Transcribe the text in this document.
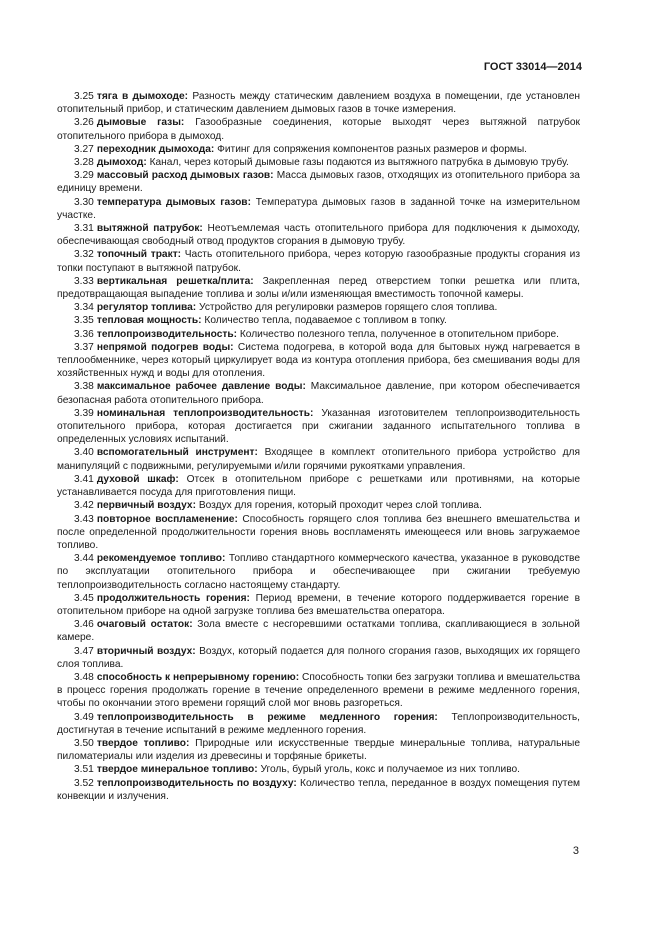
ГОСТ 33014—2014

3.25 тяга в дымоходе: Разность между статическим давлением воздуха в помещении, где установлен отопительный прибор, и статическим давлением дымовых газов в точке измерения.

3.26 дымовые газы: Газообразные соединения, которые выходят через вытяжной патрубок отопительного прибора в дымоход.

3.27 переходник дымохода: Фитинг для сопряжения компонентов разных размеров и формы.

3.28 дымоход: Канал, через который дымовые газы подаются из вытяжного патрубка в дымовую трубу.

3.29 массовый расход дымовых газов: Масса дымовых газов, отходящих из отопительного прибора за единицу времени.

3.30 температура дымовых газов: Температура дымовых газов в заданной точке на измерительном участке.

3.31 вытяжной патрубок: Неотъемлемая часть отопительного прибора для подключения к дымоходу, обеспечивающая свободный отвод продуктов сгорания в дымовую трубу.

3.32 топочный тракт: Часть отопительного прибора, через которую газообразные продукты сгорания из топки поступают в вытяжной патрубок.

3.33 вертикальная решетка/плита: Закрепленная перед отверстием топки решетка или плита, предотвращающая выпадение топлива и золы и/или изменяющая вместимость топочной камеры.

3.34 регулятор топлива: Устройство для регулировки размеров горящего слоя топлива.

3.35 тепловая мощность: Количество тепла, подаваемое с топливом в топку.

3.36 теплопроизводительность: Количество полезного тепла, полученное в отопительном приборе.

3.37 непрямой подогрев воды: Система подогрева, в которой вода для бытовых нужд нагревается в теплообменнике, через который циркулирует вода из контура отопления прибора, без смешивания воды для хозяйственных нужд и воды для отопления.

3.38 максимальное рабочее давление воды: Максимальное давление, при котором обеспечивается безопасная работа отопительного прибора.

3.39 номинальная теплопроизводительность: Указанная изготовителем теплопроизводительность отопительного прибора, которая достигается при сжигании заданного испытательного топлива в определенных условиях испытаний.

3.40 вспомогательный инструмент: Входящее в комплект отопительного прибора устройство для манипуляций с подвижными, регулируемыми и/или горячими рукоятками управления.

3.41 духовой шкаф: Отсек в отопительном приборе с решетками или противнями, на которые устанавливается посуда для приготовления пищи.

3.42 первичный воздух: Воздух для горения, который проходит через слой топлива.

3.43 повторное воспламенение: Способность горящего слоя топлива без внешнего вмешательства и после определенной продолжительности горения вновь воспламенять имеющееся или вновь загружаемое топливо.

3.44 рекомендуемое топливо: Топливо стандартного коммерческого качества, указанное в руководстве по эксплуатации отопительного прибора и обеспечивающее при сжигании требуемую теплопроизводительность согласно настоящему стандарту.

3.45 продолжительность горения: Период времени, в течение которого поддерживается горение в отопительном приборе на одной загрузке топлива без вмешательства оператора.

3.46 очаговый остаток: Зола вместе с несгоревшими остатками топлива, скапливающиеся в зольной камере.

3.47 вторичный воздух: Воздух, который подается для полного сгорания газов, выходящих их горящего слоя топлива.

3.48 способность к непрерывному горению: Способность топки без загрузки топлива и вмешательства в процесс горения продолжать горение в течение определенного времени в режиме медленного горения, чтобы по окончании этого времени горящий слой мог вновь разгореться.

3.49 теплопроизводительность в режиме медленного горения: Теплопроизводительность, достигнутая в течение испытаний в режиме медленного горения.

3.50 твердое топливо: Природные или искусственные твердые минеральные топлива, натуральные пиломатериалы или изделия из древесины и торфяные брикеты.

3.51 твердое минеральное топливо: Уголь, бурый уголь, кокс и получаемое из них топливо.

3.52 теплопроизводительность по воздуху: Количество тепла, переданное в воздух помещения путем конвекции и излучения.

3
